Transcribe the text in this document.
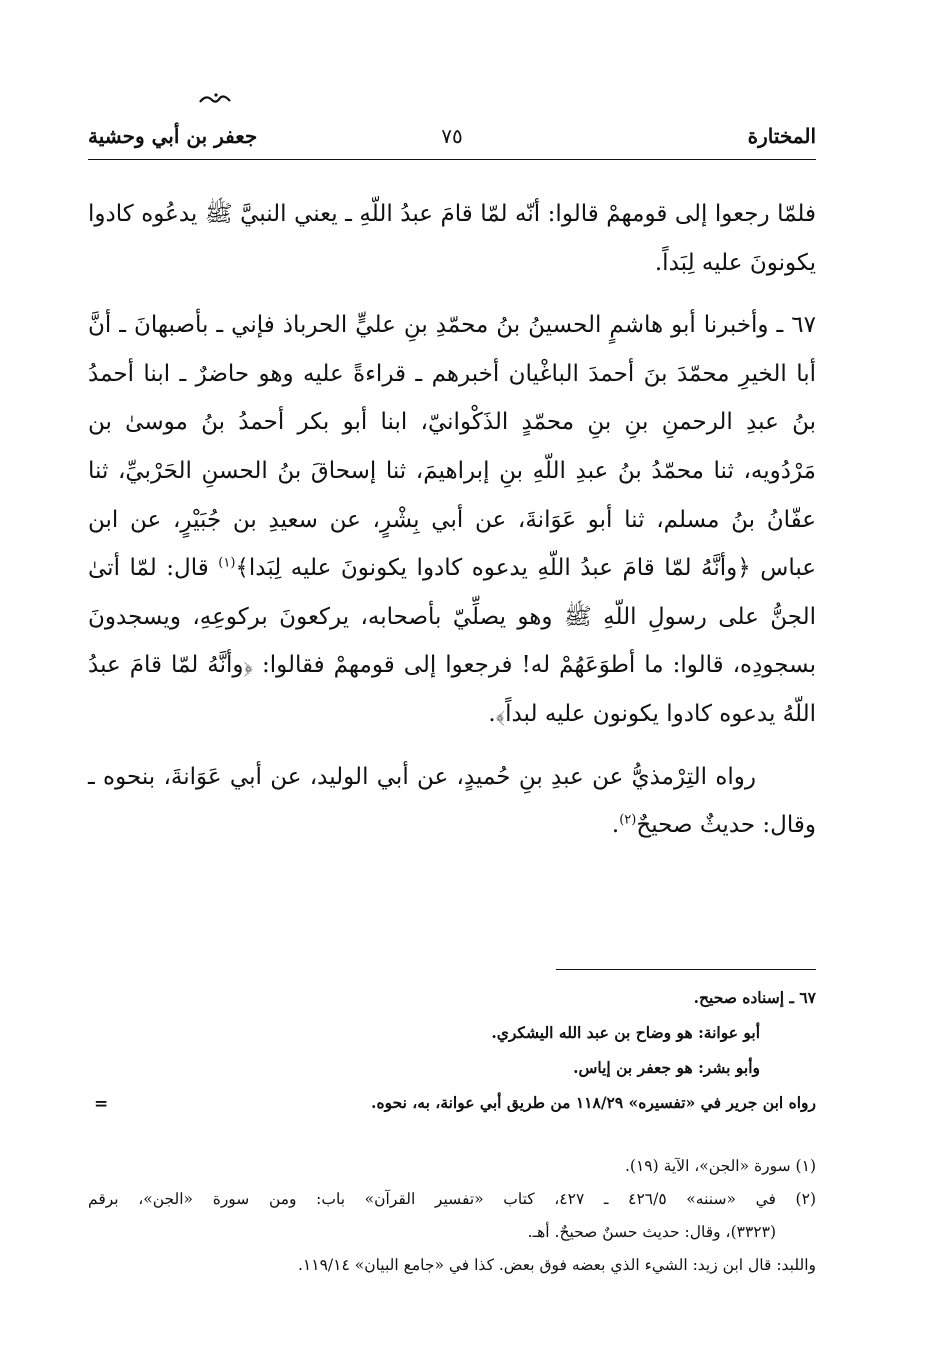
المختارة
٧٥
جعفر بن أبي وحشية

فلمّا رجعوا إلى قومهمْ قالوا: أنّه لمّا قامَ عبدُ اللّهِ ـ يعني النبيَّ ﷺ يدعُوه كادوا يكونونَ عليه لِبَداً.

٦٧ ـ وأخبرنا أبو هاشمٍ الحسينُ بنُ محمّدِ بنِ عليٍّ الحرباذ فإني ـ بأصبهانَ ـ أنَّ أبا الخيرِ محمّدَ بنَ أحمدَ الباغْيان أخبرهم ـ قراءةً عليه وهو حاضرٌ ـ ابنا أحمدُ بنُ عبدِ الرحمنِ بنِ بنِ محمّدٍ الذَكْوانيّ، ابنا أبو بكر أحمدُ بنُ موسىٰ بن مَرْدُويه، ثنا محمّدُ بنُ عبدِ اللّهِ بنِ إبراهيمَ، ثنا إسحاقَ بنُ الحسنِ الحَرْبيِّ، ثنا عفّانُ بنُ مسلم، ثنا أبو عَوَانةَ، عن أبي بِشْرٍ، عن سعيدِ بن جُبَيْرٍ، عن ابن عباس ﴿وأنَّهُ لمّا قامَ عبدُ اللّهِ يدعوه كادوا يكونونَ عليه لِبَدا﴾$^{(١)}$ قال: لمّا أتىٰ الجنُّ على رسولِ اللّهِ ﷺ وهو يصلِّيّ بأصحابه، يركعونَ بركوعِهِ، ويسجدونَ بسجودِه، قالوا: ما أطوَعَهُمْ له! فرجعوا إلى قومهمْ فقالوا: ﴿وأنَّهُ لمّا قامَ عبدُ اللّهُ يدعوه كادوا يكونون عليه لبداً﴾.

رواه التِرْمذيُّ عن عبدِ بنِ حُميدٍ، عن أبي الوليد، عن أبي عَوَانةَ، بنحوه ـ وقال: حديثٌ صحيحٌ$^{(٢)}$.

٦٧ ـ إسناده صحيح.
أبو عوانة: هو وضاح بن عبد الله اليشكري.
وأبو بشر: هو جعفر بن إياس.
رواه ابن جرير في «تفسيره» ١١٨/٢٩ من طريق أبي عوانة، به، نحوه.
=
(١) سورة «الجن»، الآية (١٩).
(٢) في «سننه» ٤٢٦/٥ ـ ٤٢٧، كتاب «تفسير القرآن» باب: ومن سورة «الجن»، برقم
(٣٣٢٣)، وقال: حديث حسنٌ صحيحٌ. أهـ.
واللبد: قال ابن زيد: الشيء الذي بعضه فوق بعض. كذا في «جامع البيان» ١١٩/١٤.
